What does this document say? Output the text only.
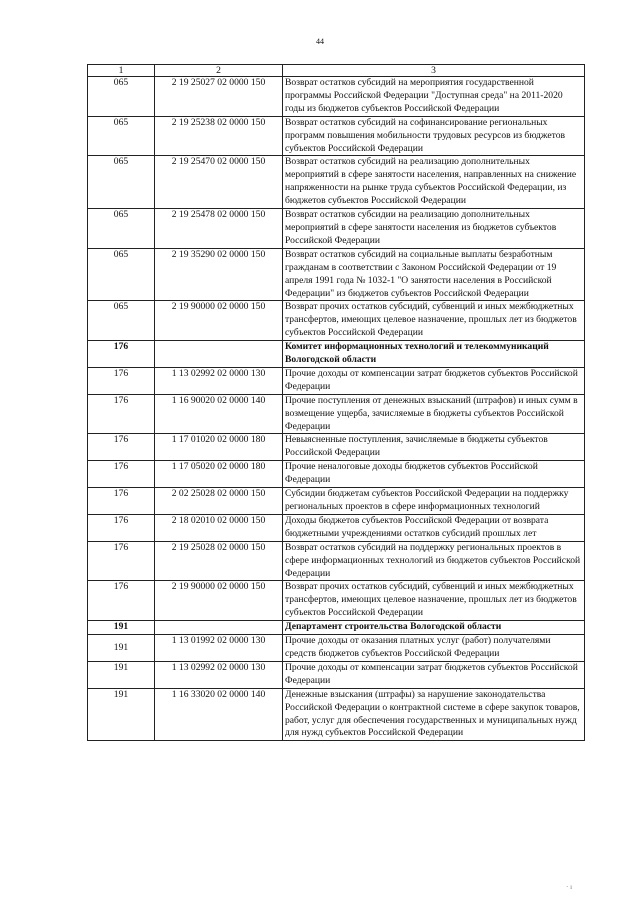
44
1	2	3
065	2 19 25027 02 0000 150	Возврат остатков субсидий на мероприятия государственной программы Российской Федерации "Доступная среда" на 2011-2020 годы из бюджетов субъектов Российской Федерации
065	2 19 25238 02 0000 150	Возврат остатков субсидий на софинансирование региональных программ повышения мобильности трудовых ресурсов из бюджетов субъектов Российской Федерации
065	2 19 25470 02 0000 150	Возврат остатков субсидий на реализацию дополнительных мероприятий в сфере занятости населения, направленных на снижение напряженности на рынке труда субъектов Российской Федерации, из бюджетов субъектов Российской Федерации
065	2 19 25478 02 0000 150	Возврат остатков субсидии на реализацию дополнительных мероприятий в сфере занятости населения из бюджетов субъектов Российской Федерации
065	2 19 35290 02 0000 150	Возврат остатков субсидий на социальные выплаты безработным гражданам в соответствии с Законом Российской Федерации от 19 апреля 1991 года № 1032-1 "О занятости населения в Российской Федерации" из бюджетов субъектов Российской Федерации
065	2 19 90000 02 0000 150	Возврат прочих остатков субсидий, субвенций и иных межбюджетных трансфертов, имеющих целевое назначение, прошлых лет из бюджетов субъектов Российской Федерации
176		Комитет информационных технологий и телекоммуникаций Вологодской области
176	1 13 02992 02 0000 130	Прочие доходы от компенсации затрат бюджетов субъектов Российской Федерации
176	1 16 90020 02 0000 140	Прочие поступления от денежных взысканий (штрафов) и иных сумм в возмещение ущерба, зачисляемые в бюджеты субъектов Российской Федерации
176	1 17 01020 02 0000 180	Невыясненные поступления, зачисляемые в бюджеты субъектов Российской Федерации
176	1 17 05020 02 0000 180	Прочие неналоговые доходы бюджетов субъектов Российской Федерации
176	2 02 25028 02 0000 150	Субсидии бюджетам субъектов Российской Федерации на поддержку региональных проектов в сфере информационных технологий
176	2 18 02010 02 0000 150	Доходы бюджетов субъектов Российской Федерации от возврата бюджетными учреждениями остатков субсидий прошлых лет
176	2 19 25028 02 0000 150	Возврат остатков субсидий на поддержку региональных проектов в сфере информационных технологий из бюджетов субъектов Российской Федерации
176	2 19 90000 02 0000 150	Возврат прочих остатков субсидий, субвенций и иных межбюджетных трансфертов, имеющих целевое назначение, прошлых лет из бюджетов субъектов Российской Федерации
191		Департамент строительства Вологодской области
191	1 13 01992 02 0000 130	Прочие доходы от оказания платных услуг (работ) получателями средств бюджетов субъектов Российской Федерации
191	1 13 02992 02 0000 130	Прочие доходы от компенсации затрат бюджетов субъектов Российской Федерации
191	1 16 33020 02 0000 140	Денежные взыскания (штрафы) за нарушение законодательства Российской Федерации о контрактной системе в сфере закупок товаров, работ, услуг для обеспечения государственных и муниципальных нужд для нужд субъектов Российской Федерации
· ı
